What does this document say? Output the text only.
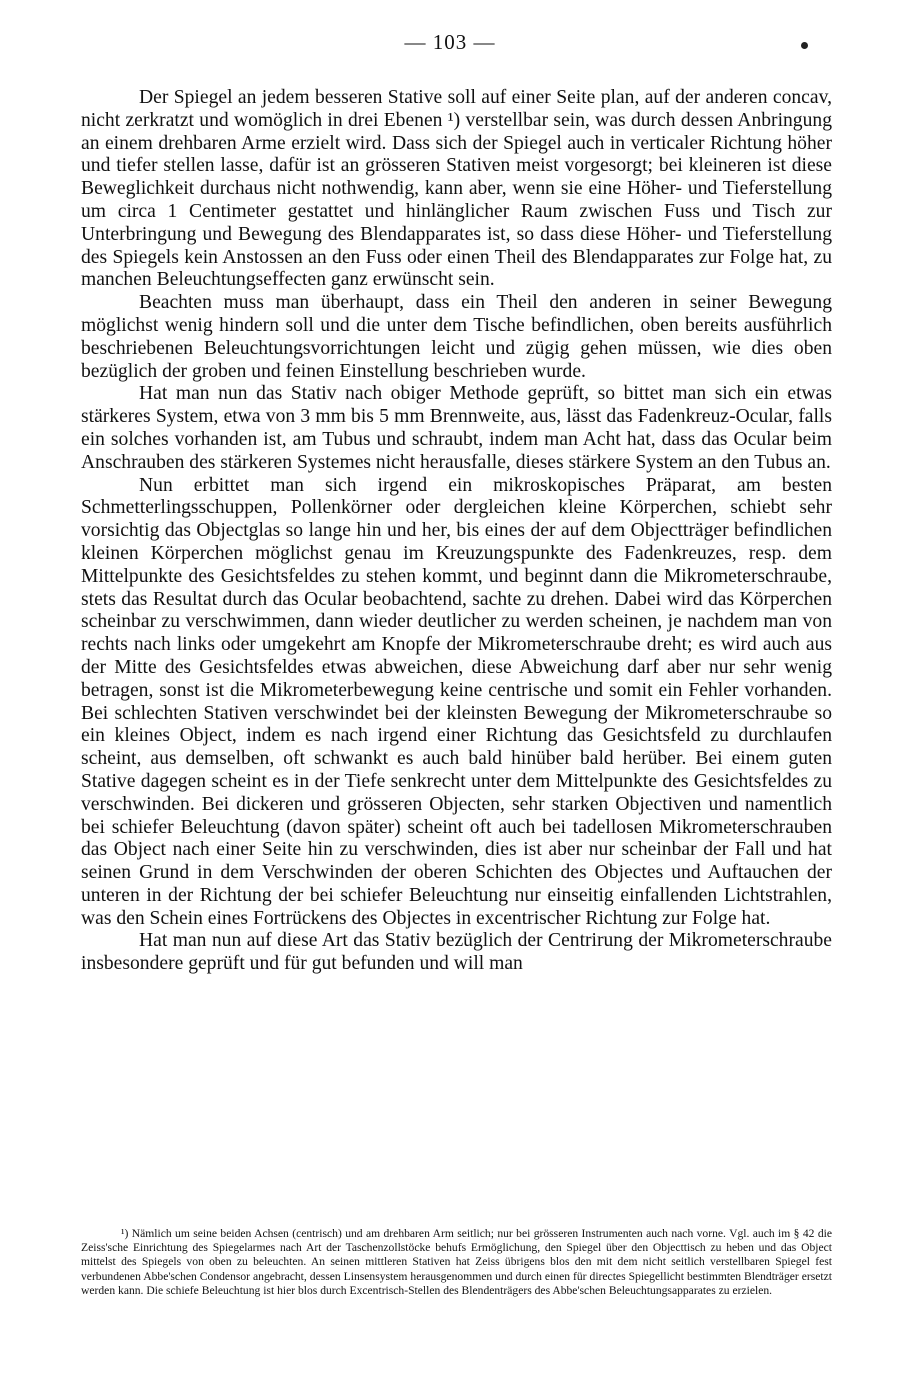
— 103 —

Der Spiegel an jedem besseren Stative soll auf einer Seite plan, auf der anderen concav, nicht zerkratzt und womöglich in drei Ebenen ¹) verstellbar sein, was durch dessen Anbringung an einem drehbaren Arme erzielt wird. Dass sich der Spiegel auch in verticaler Richtung höher und tiefer stellen lasse, dafür ist an grösseren Stativen meist vorgesorgt; bei kleineren ist diese Beweglichkeit durchaus nicht nothwendig, kann aber, wenn sie eine Höher- und Tieferstellung um circa 1 Centimeter gestattet und hinlänglicher Raum zwischen Fuss und Tisch zur Unterbringung und Bewegung des Blendapparates ist, so dass diese Höher- und Tieferstellung des Spiegels kein Anstossen an den Fuss oder einen Theil des Blendapparates zur Folge hat, zu manchen Beleuchtungseffecten ganz erwünscht sein.

Beachten muss man überhaupt, dass ein Theil den anderen in seiner Bewegung möglichst wenig hindern soll und die unter dem Tische befindlichen, oben bereits ausführlich beschriebenen Beleuchtungsvorrichtungen leicht und zügig gehen müssen, wie dies oben bezüglich der groben und feinen Einstellung beschrieben wurde.

Hat man nun das Stativ nach obiger Methode geprüft, so bittet man sich ein etwas stärkeres System, etwa von 3 mm bis 5 mm Brennweite, aus, lässt das Fadenkreuz-Ocular, falls ein solches vorhanden ist, am Tubus und schraubt, indem man Acht hat, dass das Ocular beim Anschrauben des stärkeren Systemes nicht herausfalle, dieses stärkere System an den Tubus an.

Nun erbittet man sich irgend ein mikroskopisches Präparat, am besten Schmetterlingsschuppen, Pollenkörner oder dergleichen kleine Körperchen, schiebt sehr vorsichtig das Objectglas so lange hin und her, bis eines der auf dem Objectträger befindlichen kleinen Körperchen möglichst genau im Kreuzungspunkte des Fadenkreuzes, resp. dem Mittelpunkte des Gesichtsfeldes zu stehen kommt, und beginnt dann die Mikrometerschraube, stets das Resultat durch das Ocular beobachtend, sachte zu drehen. Dabei wird das Körperchen scheinbar zu verschwimmen, dann wieder deutlicher zu werden scheinen, je nachdem man von rechts nach links oder umgekehrt am Knopfe der Mikrometerschraube dreht; es wird auch aus der Mitte des Gesichtsfeldes etwas abweichen, diese Abweichung darf aber nur sehr wenig betragen, sonst ist die Mikrometerbewegung keine centrische und somit ein Fehler vorhanden. Bei schlechten Stativen verschwindet bei der kleinsten Bewegung der Mikrometerschraube so ein kleines Object, indem es nach irgend einer Richtung das Gesichtsfeld zu durchlaufen scheint, aus demselben, oft schwankt es auch bald hinüber bald herüber. Bei einem guten Stative dagegen scheint es in der Tiefe senkrecht unter dem Mittelpunkte des Gesichtsfeldes zu verschwinden. Bei dickeren und grösseren Objecten, sehr starken Objectiven und namentlich bei schiefer Beleuchtung (davon später) scheint oft auch bei tadellosen Mikrometerschrauben das Object nach einer Seite hin zu verschwinden, dies ist aber nur scheinbar der Fall und hat seinen Grund in dem Verschwinden der oberen Schichten des Objectes und Auftauchen der unteren in der Richtung der bei schiefer Beleuchtung nur einseitig einfallenden Lichtstrahlen, was den Schein eines Fortrückens des Objectes in excentrischer Richtung zur Folge hat.

Hat man nun auf diese Art das Stativ bezüglich der Centrirung der Mikrometerschraube insbesondere geprüft und für gut befunden und will man

¹) Nämlich um seine beiden Achsen (centrisch) und am drehbaren Arm seitlich; nur bei grösseren Instrumenten auch nach vorne. Vgl. auch im § 42 die Zeiss'sche Einrichtung des Spiegelarmes nach Art der Taschenzollstöcke behufs Ermöglichung, den Spiegel über den Objecttisch zu heben und das Object mittelst des Spiegels von oben zu beleuchten. An seinen mittleren Stativen hat Zeiss übrigens blos den mit dem nicht seitlich verstellbaren Spiegel fest verbundenen Abbe'schen Condensor angebracht, dessen Linsensystem herausgenommen und durch einen für directes Spiegellicht bestimmten Blendträger ersetzt werden kann. Die schiefe Beleuchtung ist hier blos durch Excentrisch-Stellen des Blendenträgers des Abbe'schen Beleuchtungsapparates zu erzielen.
